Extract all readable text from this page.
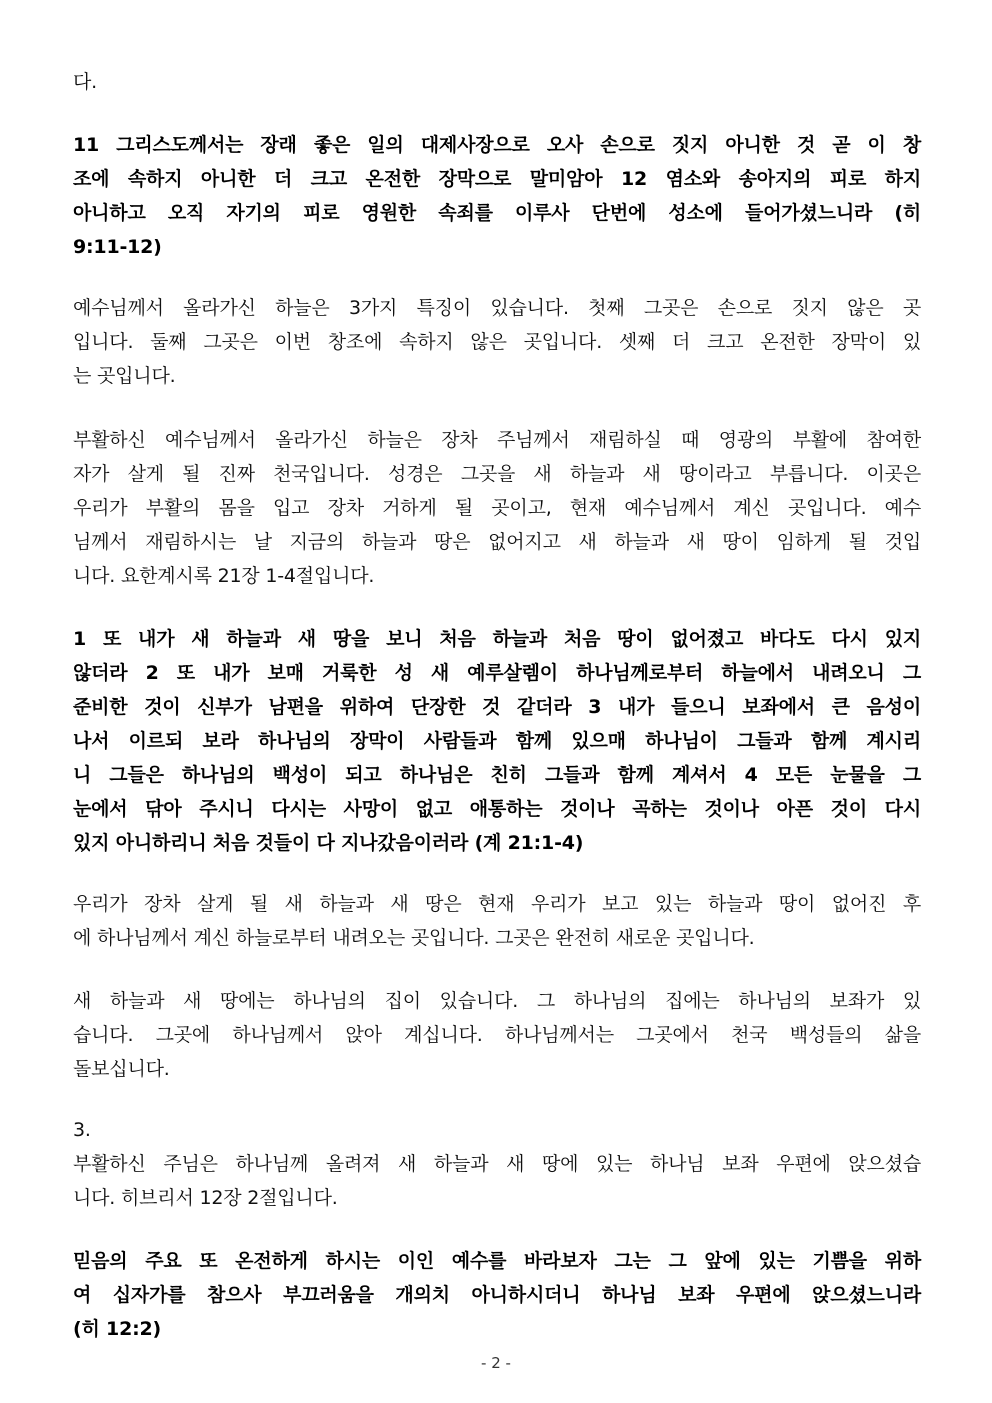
다.
11 그리스도께서는 장래 좋은 일의 대제사장으로 오사 손으로 짓지 아니한 것 곧 이 창
조에 속하지 아니한 더 크고 온전한 장막으로 말미암아 12 염소와 송아지의 피로 하지
아니하고 오직 자기의 피로 영원한 속죄를 이루사 단번에 성소에 들어가셨느니라 (히
9:11-12)
예수님께서 올라가신 하늘은 3가지 특징이 있습니다. 첫째 그곳은 손으로 짓지 않은 곳
입니다. 둘째 그곳은 이번 창조에 속하지 않은 곳입니다. 셋째 더 크고 온전한 장막이 있
는 곳입니다.
부활하신 예수님께서 올라가신 하늘은 장차 주님께서 재림하실 때 영광의 부활에 참여한
자가 살게 될 진짜 천국입니다. 성경은 그곳을 새 하늘과 새 땅이라고 부릅니다. 이곳은
우리가 부활의 몸을 입고 장차 거하게 될 곳이고, 현재 예수님께서 계신 곳입니다. 예수
님께서 재림하시는 날 지금의 하늘과 땅은 없어지고 새 하늘과 새 땅이 임하게 될 것입
니다. 요한계시록 21장 1-4절입니다.
1 또 내가 새 하늘과 새 땅을 보니 처음 하늘과 처음 땅이 없어졌고 바다도 다시 있지
않더라 2 또 내가 보매 거룩한 성 새 예루살렘이 하나님께로부터 하늘에서 내려오니 그
준비한 것이 신부가 남편을 위하여 단장한 것 같더라 3 내가 들으니 보좌에서 큰 음성이
나서 이르되 보라 하나님의 장막이 사람들과 함께 있으매 하나님이 그들과 함께 계시리
니 그들은 하나님의 백성이 되고 하나님은 친히 그들과 함께 계셔서 4 모든 눈물을 그
눈에서 닦아 주시니 다시는 사망이 없고 애통하는 것이나 곡하는 것이나 아픈 것이 다시
있지 아니하리니 처음 것들이 다 지나갔음이러라 (계 21:1-4)
우리가 장차 살게 될 새 하늘과 새 땅은 현재 우리가 보고 있는 하늘과 땅이 없어진 후
에 하나님께서 계신 하늘로부터 내려오는 곳입니다. 그곳은 완전히 새로운 곳입니다.
새 하늘과 새 땅에는 하나님의 집이 있습니다. 그 하나님의 집에는 하나님의 보좌가 있
습니다. 그곳에 하나님께서 앉아 계십니다. 하나님께서는 그곳에서 천국 백성들의 삶을
돌보십니다.
3.
부활하신 주님은 하나님께 올려져 새 하늘과 새 땅에 있는 하나님 보좌 우편에 앉으셨습
니다. 히브리서 12장 2절입니다.
믿음의 주요 또 온전하게 하시는 이인 예수를 바라보자 그는 그 앞에 있는 기쁨을 위하
여 십자가를 참으사 부끄러움을 개의치 아니하시더니 하나님 보좌 우편에 앉으셨느니라
(히 12:2)
- 2 -
